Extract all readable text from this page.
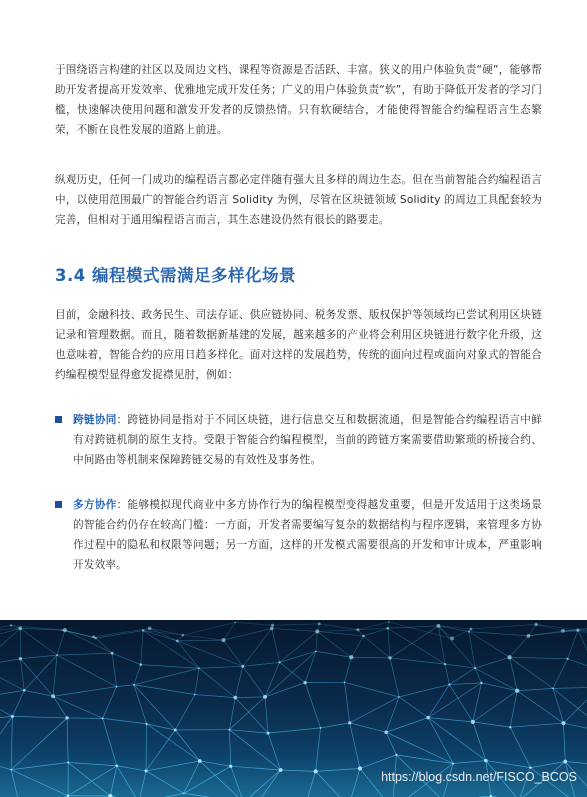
于围绕语言构建的社区以及周边文档、课程等资源是否活跃、丰富。狭义的用户体验负责“硬”，能够帮助开发者提高开发效率、优雅地完成开发任务；广义的用户体验负责“软”，有助于降低开发者的学习门槛，快速解决使用问题和激发开发者的反馈热情。只有软硬结合，才能使得智能合约编程语言生态繁荣，不断在良性发展的道路上前进。

纵观历史，任何一门成功的编程语言都必定伴随有强大且多样的周边生态。但在当前智能合约编程语言中，以使用范围最广的智能合约语言 Solidity 为例，尽管在区块链领域 Solidity 的周边工具配套较为完善，但相对于通用编程语言而言，其生态建设仍然有很长的路要走。

3.4 编程模式需满足多样化场景

目前，金融科技、政务民生、司法存证、供应链协同、税务发票、版权保护等领域均已尝试利用区块链记录和管理数据。而且，随着数据新基建的发展，越来越多的产业将会利用区块链进行数字化升级，这也意味着，智能合约的应用日趋多样化。面对这样的发展趋势，传统的面向过程或面向对象式的智能合约编程模型显得愈发捉襟见肘，例如：

跨链协同：跨链协同是指对于不同区块链，进行信息交互和数据流通，但是智能合约编程语言中鲜有对跨链机制的原生支持。受限于智能合约编程模型，当前的跨链方案需要借助繁琐的桥接合约、中间路由等机制来保障跨链交易的有效性及事务性。

多方协作：能够模拟现代商业中多方协作行为的编程模型变得越发重要，但是开发适用于这类场景的智能合约仍存在较高门槛：一方面，开发者需要编写复杂的数据结构与程序逻辑，来管理多方协作过程中的隐私和权限等问题；另一方面，这样的开发模式需要很高的开发和审计成本，严重影响开发效率。

https://blog.csdn.net/FISCO_BCOS
